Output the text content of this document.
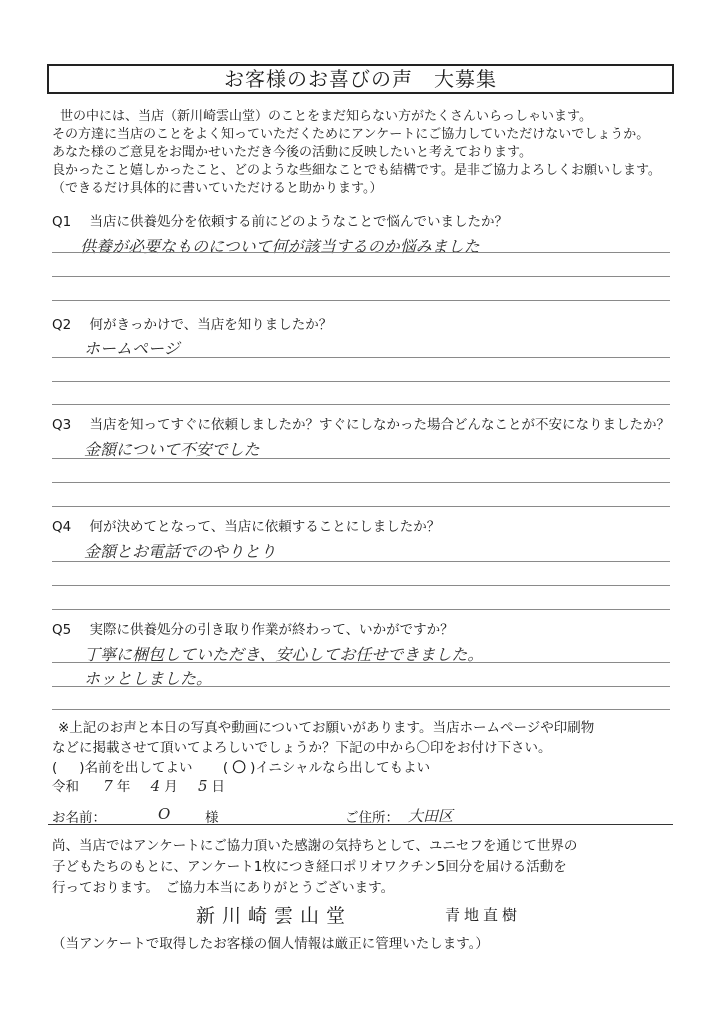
お客様のお喜びの声　大募集
世の中には、当店（新川崎雲山堂）のことをまだ知らない方がたくさんいらっしゃいます。
その方達に当店のことをよく知っていただくためにアンケートにご協力していただけないでしょうか。
あなた様のご意見をお聞かせいただき今後の活動に反映したいと考えております。
良かったこと嬉しかったこと、どのような些細なことでも結構です。是非ご協力よろしくお願いします。
（できるだけ具体的に書いていただけると助かります。）
Q1 当店に供養処分を依頼する前にどのようなことで悩んでいましたか？
供養が必要なものについて何が該当するのか悩みました
Q2 何がきっかけで、当店を知りましたか？
ホームページ
Q3 当店を知ってすぐに依頼しましたか？すぐにしなかった場合どんなことが不安になりましたか？
金額について不安でした
Q4 何が決めてとなって、当店に依頼することにしましたか？
金額とお電話でのやりとり
Q5 実際に供養処分の引き取り作業が終わって、いかがですか？
丁寧に梱包していただき、安心してお任せできました。
ホッとしました。
※上記のお声と本日の写真や動画についてお願いがあります。当店ホームページや印刷物
などに掲載させて頂いてよろしいでしょうか？下記の中から〇印をお付け下さい。
( )名前を出してよい ( 〇 )イニシャルなら出してもよい
令和 7 年 4 月 5 日
お名前：	O	様	ご住所： 大田区
尚、当店ではアンケートにご協力頂いた感謝の気持ちとして、ユニセフを通じて世界の
子どもたちのもとに、アンケート1枚につき経口ポリオワクチン5回分を届ける活動を
行っております。　ご協力本当にありがとうございます。
新川崎雲山堂	青地直樹
（当アンケートで取得したお客様の個人情報は厳正に管理いたします。）
